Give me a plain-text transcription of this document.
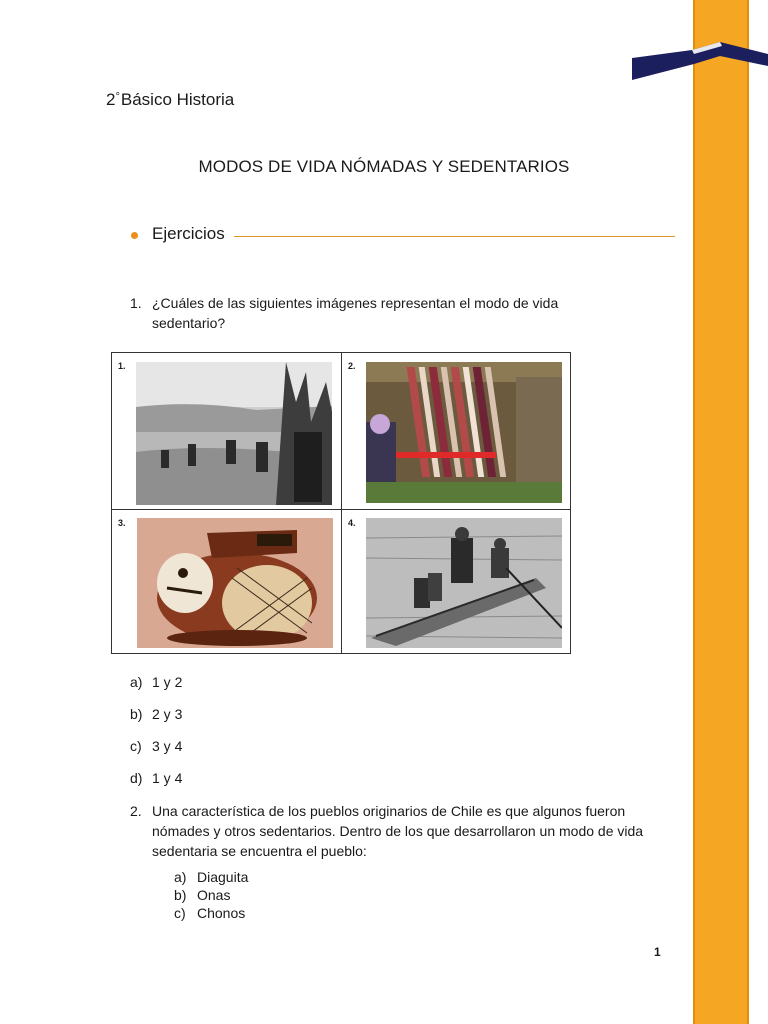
2°Básico Historia
MODOS DE VIDA NÓMADAS Y SEDENTARIOS
Ejercicios
1. ¿Cuáles de las siguientes imágenes representan el modo de vida sedentario?
1.	2.
3.	4.
a) 1 y 2
b) 2 y 3
c) 3 y 4
d) 1 y 4
2. Una característica de los pueblos originarios de Chile es que algunos fueron nómades y otros sedentarios. Dentro de los que desarrollaron un modo de vida sedentaria se encuentra el pueblo:
a) Diaguita
b) Onas
c) Chonos
1
